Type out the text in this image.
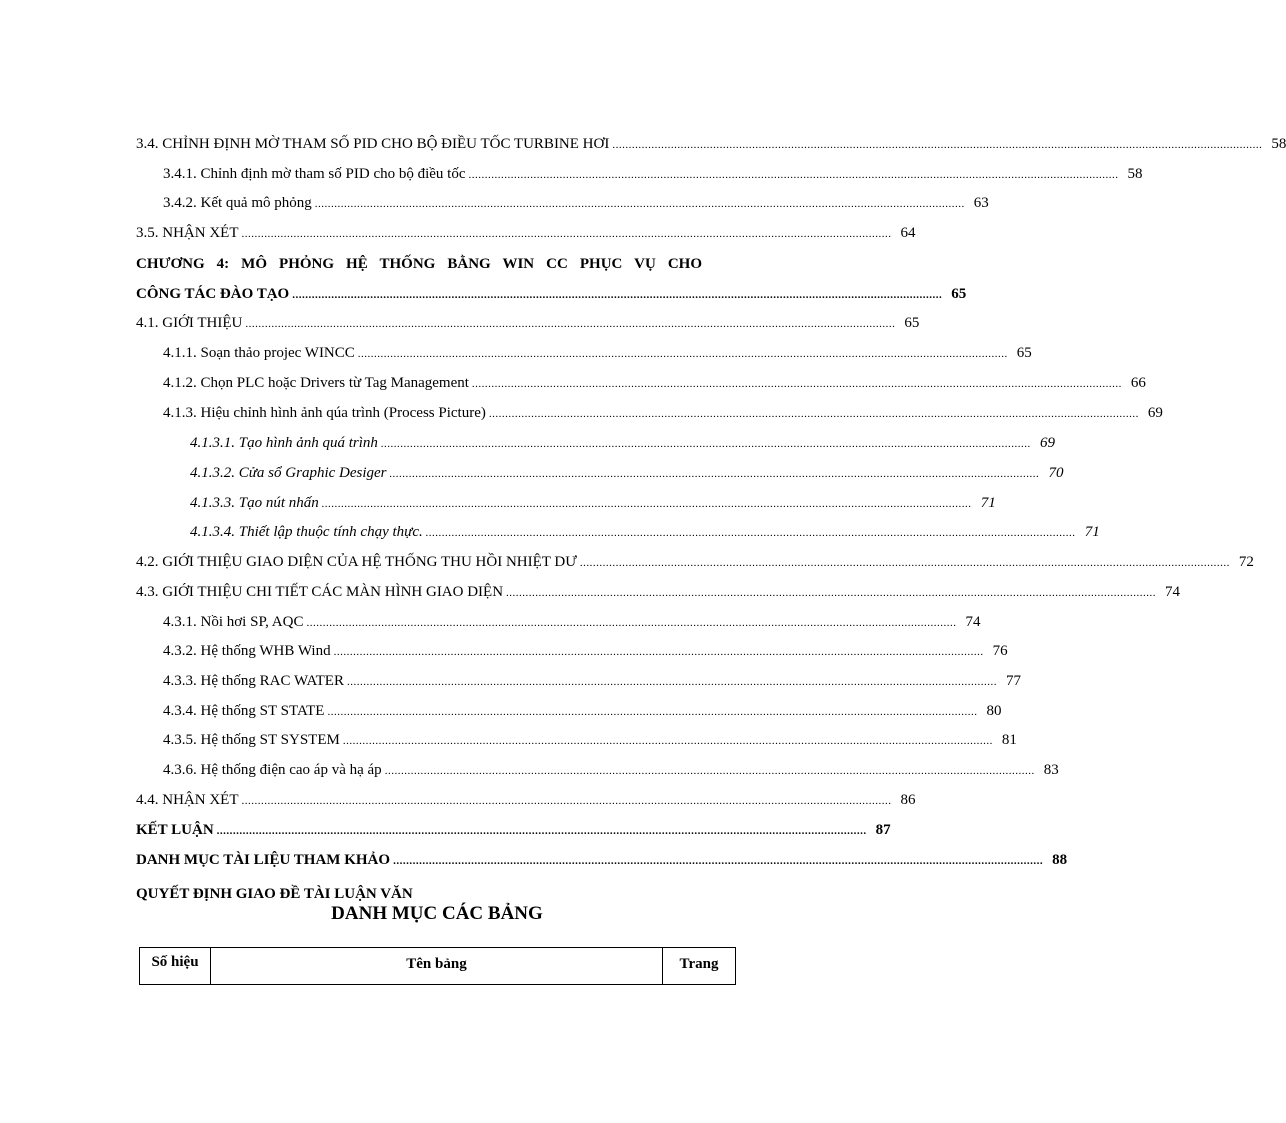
3.4. CHỈNH ĐỊNH MỜ THAM SỐ PID CHO BỘ ĐIỀU TỐC TURBINE HƠI ........................................................................................................................................................................................................ 58
3.4.1. Chỉnh định mờ tham số PID cho bộ điều tốc ........................................................................................................................................................................................................ 58
3.4.2. Kết quả mô phỏng ........................................................................................................................................................................................................ 63
3.5. NHẬN XÉT ........................................................................................................................................................................................................ 64
4.1. GIỚI THIỆU ........................................................................................................................................................................................................ 65
4.1.1. Soạn thảo projec WINCC ........................................................................................................................................................................................................ 65
4.1.2. Chọn PLC hoặc Drivers từ Tag Management ........................................................................................................................................................................................................ 66
4.1.3. Hiệu chỉnh hình ảnh qúa trình (Process Picture) ........................................................................................................................................................................................................ 69
4.1.3.1. Tạo hình ảnh quá trình ........................................................................................................................................................................................................ 69
4.1.3.2. Cửa sổ Graphic Desiger ........................................................................................................................................................................................................ 70
4.1.3.3. Tạo nút nhấn ........................................................................................................................................................................................................ 71
4.1.3.4. Thiết lập thuộc tính chạy thực. ........................................................................................................................................................................................................ 71
4.2. GIỚI THIỆU GIAO DIỆN CỦA HỆ THỐNG THU HỒI NHIỆT DƯ ........................................................................................................................................................................................................ 72
4.3. GIỚI THIỆU CHI TIẾT CÁC MÀN HÌNH GIAO DIỆN ........................................................................................................................................................................................................ 74
4.3.1. Nồi hơi SP, AQC ........................................................................................................................................................................................................ 74
4.3.2. Hệ thống WHB Wind ........................................................................................................................................................................................................ 76
4.3.3. Hệ thống RAC WATER ........................................................................................................................................................................................................ 77
4.3.4. Hệ thống ST STATE ........................................................................................................................................................................................................ 80
4.3.5. Hệ thống ST SYSTEM ........................................................................................................................................................................................................ 81
4.3.6. Hệ thống điện cao áp và hạ áp ........................................................................................................................................................................................................ 83
4.4. NHẬN XÉT ........................................................................................................................................................................................................ 86
KẾT LUẬN ........................................................................................................................................................................................................ 87
DANH MỤC TÀI LIỆU THAM KHẢO ........................................................................................................................................................................................................ 88
CHƯƠNG 4: MÔ PHỎNG HỆ THỐNG BẰNG WIN CC PHỤC VỤ CHO
CÔNG TÁC ĐÀO TẠO ........................................................................................................................................................................................................ 65
QUYẾT ĐỊNH GIAO ĐỀ TÀI LUẬN VĂN
DANH MỤC CÁC BẢNG
Số hiệu	Tên bảng	Trang
